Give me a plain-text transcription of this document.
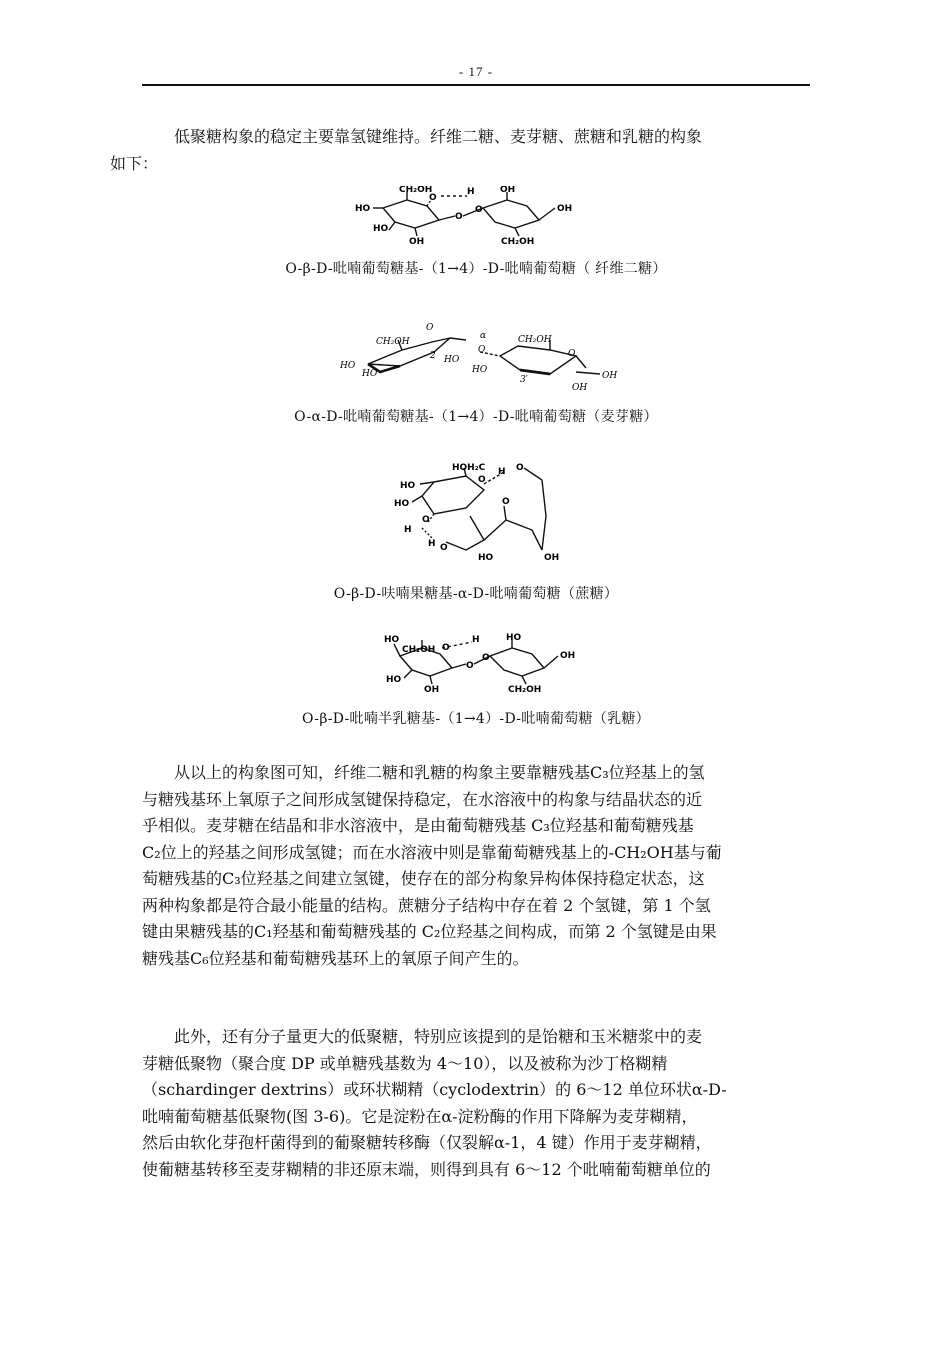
- 17 -
低聚糖构象的稳定主要靠氢键维持。纤维二糖、麦芽糖、蔗糖和乳糖的构象
如下：
HO
CH₂OH
HO
OH
O
H
O
O
OH
OH
CH₂OH
O-β-D-吡喃葡萄糖基-（1→4）-D-吡喃葡萄糖（ 纤维二糖）
CH₂OH
O
α
2
HO
HO
HO
HO
O
CH₂OH
O
3′
OH
OH
O-α-D-吡喃葡萄糖基-（1→4）-D-吡喃葡萄糖（麦芽糖）
HOH₂C
O
H O
HO
HO
H
O
H O
O
HO	OH
O-β-D-呋喃果糖基-α-D-吡喃葡萄糖（蔗糖）
HO
CH₂OH
HO
OH
O
H
O
O
HO
OH
CH₂OH
O-β-D-吡喃半乳糖基-（1→4）-D-吡喃葡萄糖（乳糖）
从以上的构象图可知，纤维二糖和乳糖的构象主要靠糖残基C₃位羟基上的氢
与糖残基环上氧原子之间形成氢键保持稳定，在水溶液中的构象与结晶状态的近
乎相似。麦芽糖在结晶和非水溶液中，是由葡萄糖残基 C₃位羟基和葡萄糖残基
C₂位上的羟基之间形成氢键；而在水溶液中则是靠葡萄糖残基上的-CH₂OH基与葡
萄糖残基的C₃位羟基之间建立氢键，使存在的部分构象异构体保持稳定状态，这
两种构象都是符合最小能量的结构。蔗糖分子结构中存在着 2 个氢键，第 1 个氢
键由果糖残基的C₁羟基和葡萄糖残基的 C₂位羟基之间构成，而第 2 个氢键是由果
糖残基C₆位羟基和葡萄糖残基环上的氧原子间产生的。
此外，还有分子量更大的低聚糖，特别应该提到的是饴糖和玉米糖浆中的麦
芽糖低聚物（聚合度 DP 或单糖残基数为 4～10），以及被称为沙丁格糊精
（schardinger dextrins）或环状糊精（cyclodextrin）的 6～12 单位环状α-D-
吡喃葡萄糖基低聚物(图 3-6)。它是淀粉在α-淀粉酶的作用下降解为麦芽糊精，
然后由软化芽孢杆菌得到的葡聚糖转移酶（仅裂解α-1，4 键）作用于麦芽糊精，
使葡糖基转移至麦芽糊精的非还原末端，则得到具有 6～12 个吡喃葡萄糖单位的
